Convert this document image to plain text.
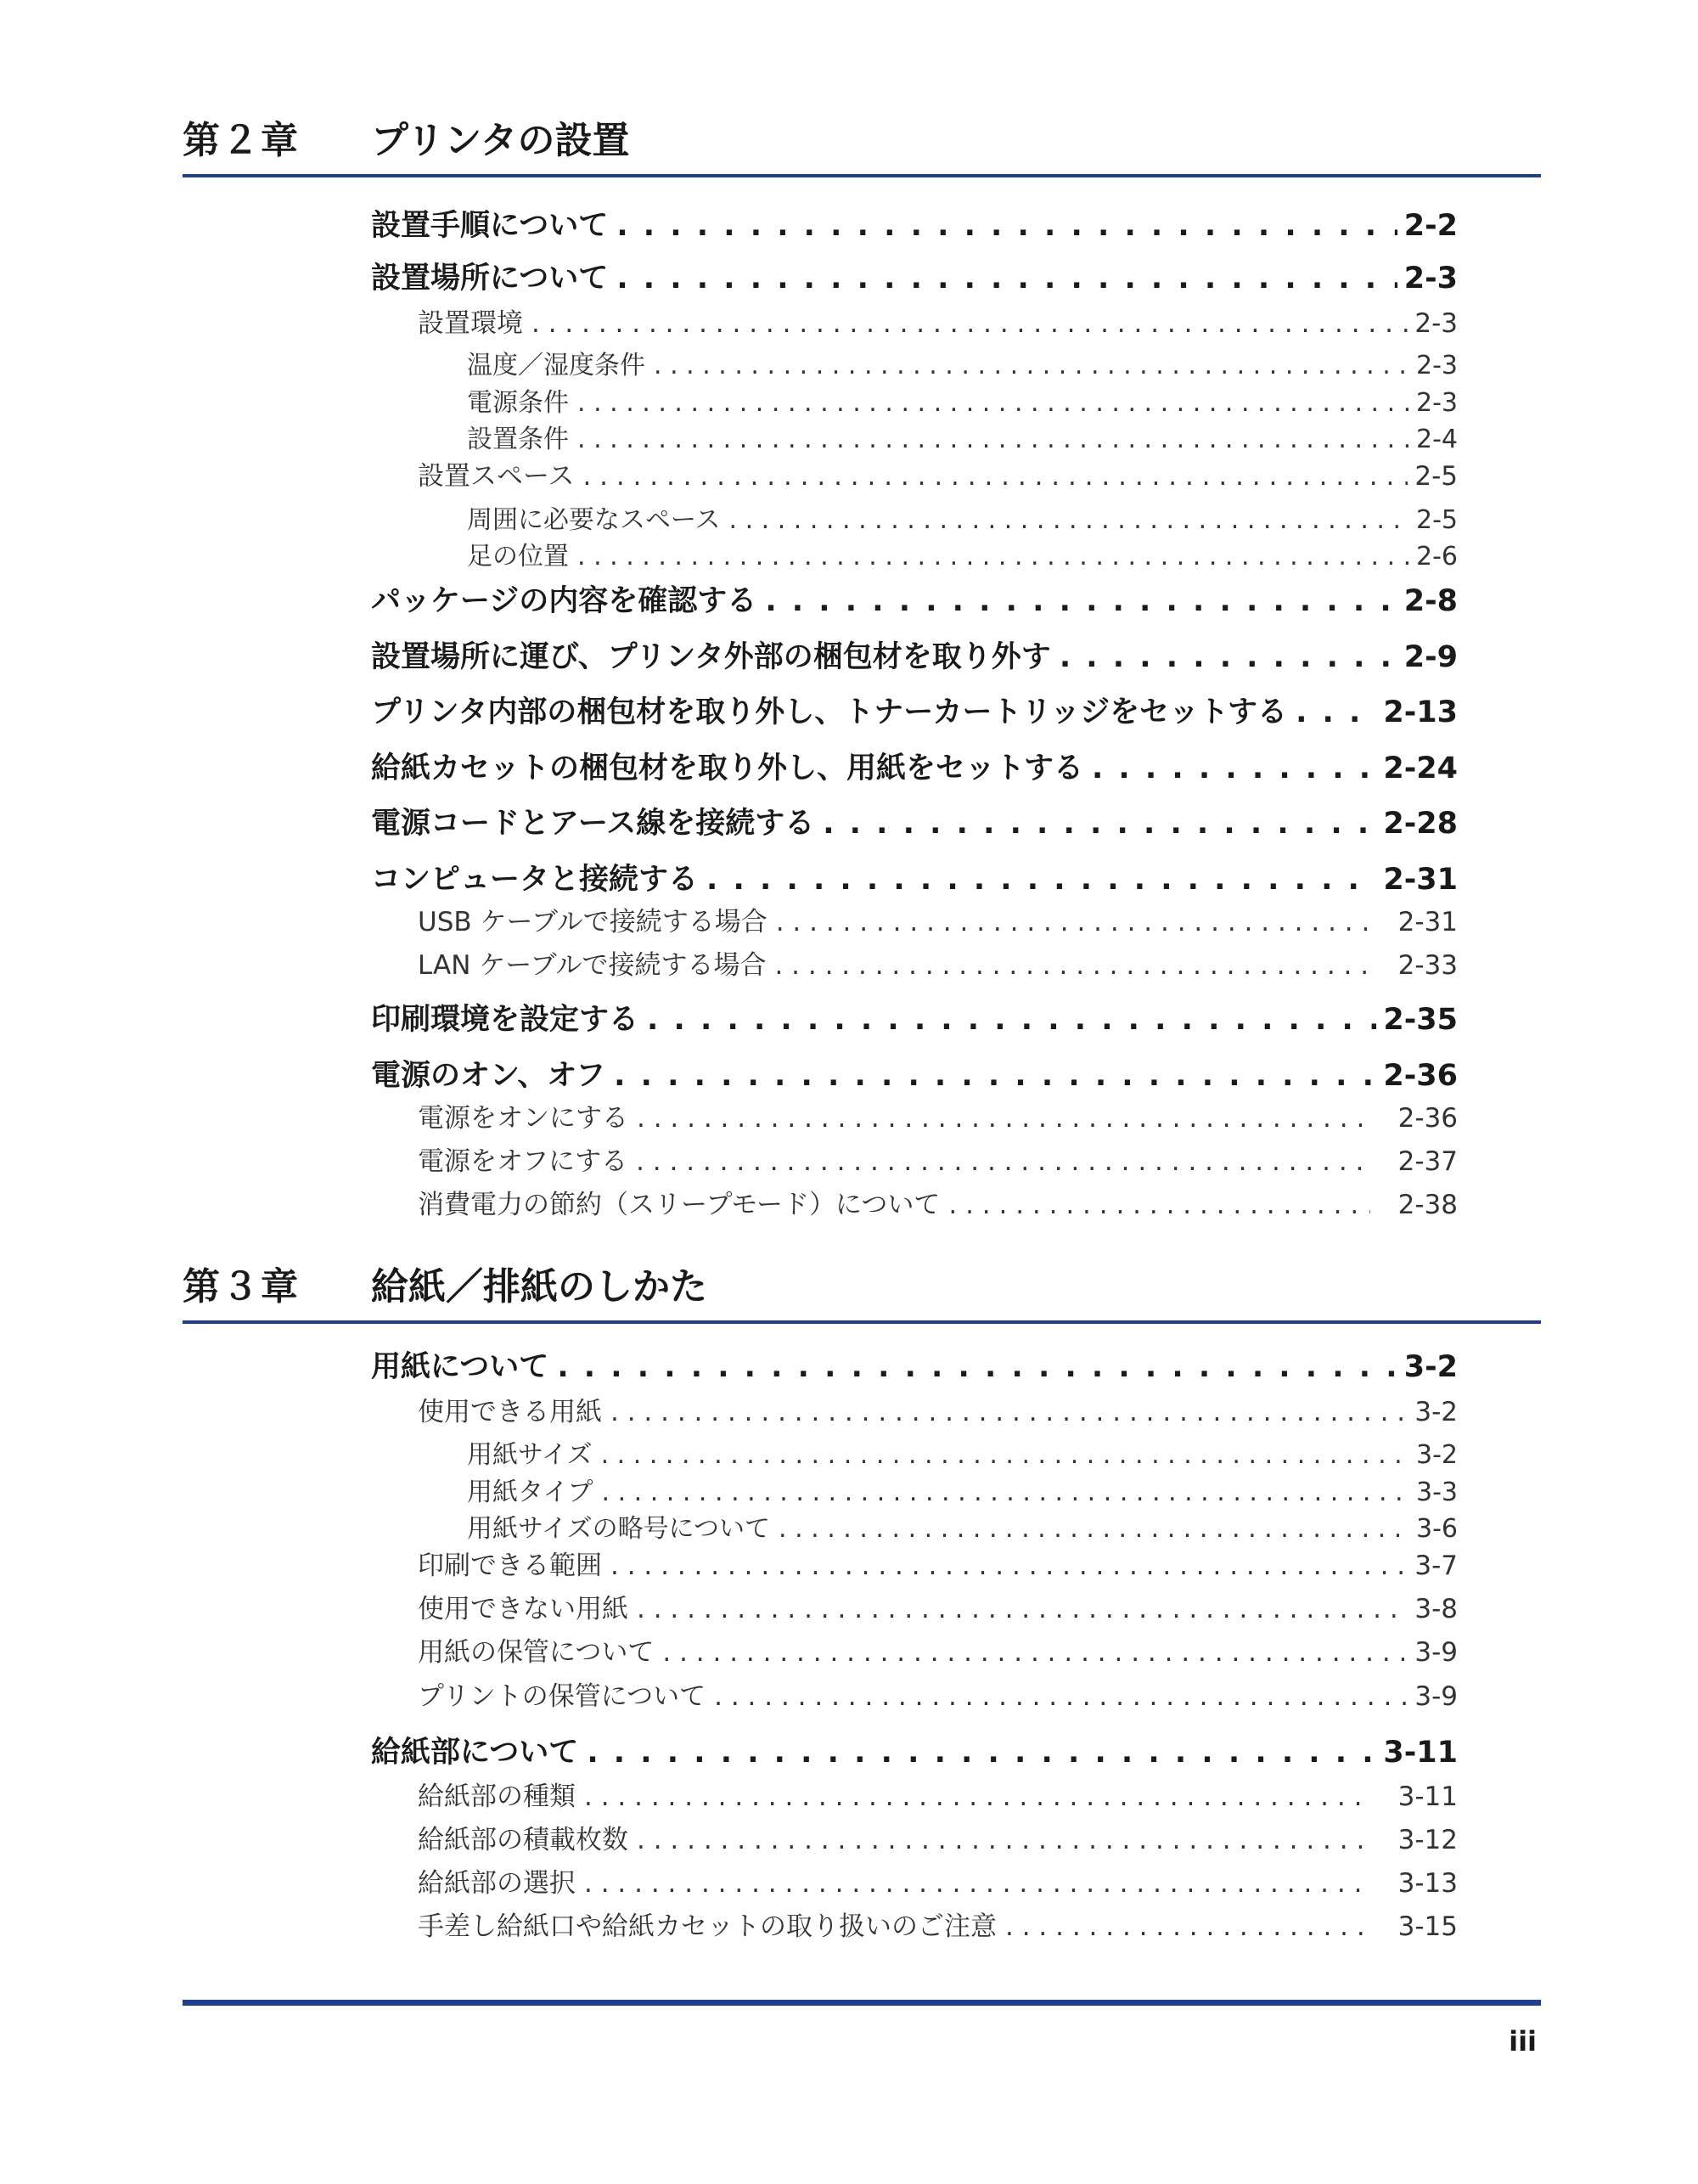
第２章 プリンタの設置
設置手順について . . .	2-2
設置場所について . . .	2-3
設置環境 . . .	2-3
温度／湿度条件 . . .	2-3
電源条件 . . .	2-3
設置条件 . . .	2-4
設置スペース . . .	2-5
周囲に必要なスペース . . .	2-5
足の位置 . . .	2-6
パッケージの内容を確認する . . .	2-8
設置場所に運び、プリンタ外部の梱包材を取り外す . . .	2-9
プリンタ内部の梱包材を取り外し、トナーカートリッジをセットする . . .	2-13
給紙カセットの梱包材を取り外し、用紙をセットする . . .	2-24
電源コードとアース線を接続する . . .	2-28
コンピュータと接続する . . .	2-31
USB ケーブルで接続する場合 . . .	2-31
LAN ケーブルで接続する場合 . . .	2-33
印刷環境を設定する . . .	2-35
電源のオン、オフ . . .	2-36
電源をオンにする . . .	2-36
電源をオフにする . . .	2-37
消費電力の節約（スリープモード）について . . .	2-38
第３章 給紙／排紙のしかた
用紙について . . .	3-2
使用できる用紙 . . .	3-2
用紙サイズ . . .	3-2
用紙タイプ . . .	3-3
用紙サイズの略号について . . .	3-6
印刷できる範囲 . . .	3-7
使用できない用紙 . . .	3-8
用紙の保管について . . .	3-9
プリントの保管について . . .	3-9
給紙部について . . .	3-11
給紙部の種類 . . .	3-11
給紙部の積載枚数 . . .	3-12
給紙部の選択 . . .	3-13
手差し給紙口や給紙カセットの取り扱いのご注意 . . .	3-15
iii
